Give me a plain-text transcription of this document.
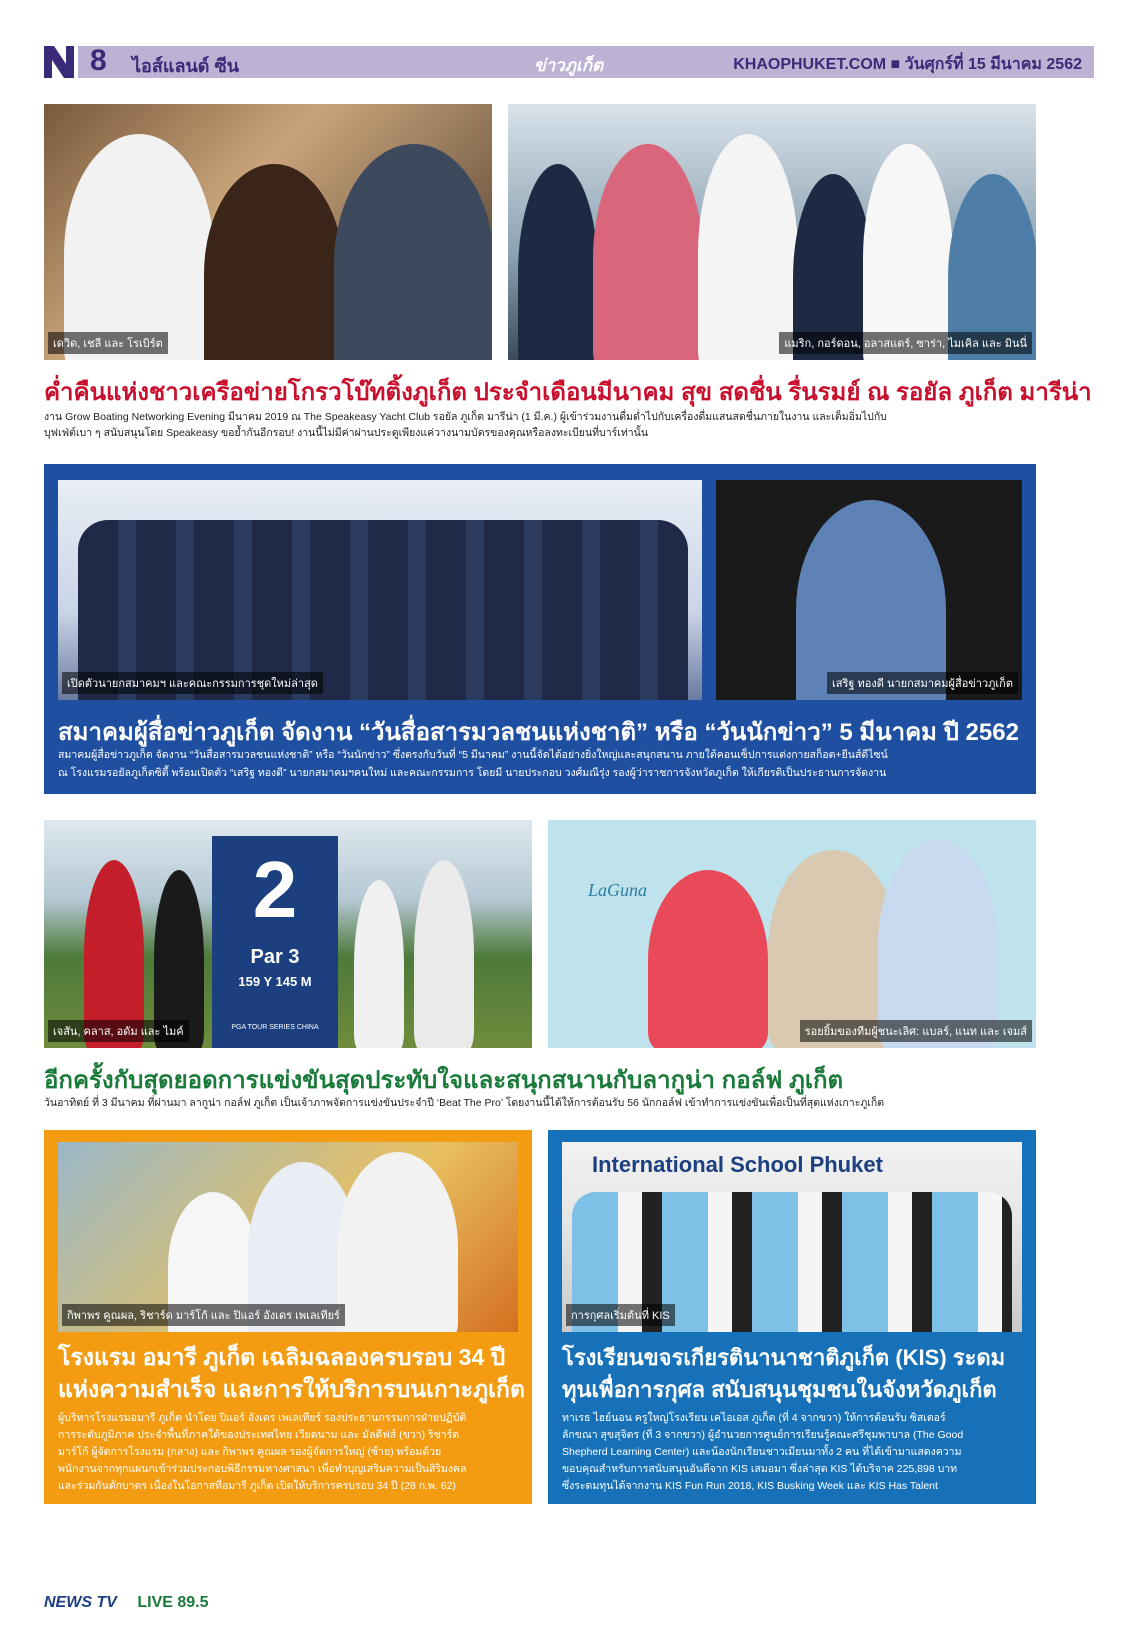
8 ไอส์แลนด์ ซีน	ข่าวภูเก็ต	KHAOPHUKET.COM ■ วันศุกร์ที่ 15 มีนาคม 2562
เดวิด, เชลี และ โรเบิร์ต	แมริก, กอร์ดอน, อลาสแดร์, ซาร่า, ไมเคิล และ มินนี่
ค่ำคืนแห่งชาวเครือข่ายโกรวโบ๊ทติ้งภูเก็ต ประจำเดือนมีนาคม สุข สดชื่น รื่นรมย์ ณ รอยัล ภูเก็ต มารีน่า
งาน Grow Boating Networking Evening มีนาคม 2019 ณ The Speakeasy Yacht Club รอยัล ภูเก็ต มารีน่า (1 มี.ค.) ผู้เข้าร่วมงานดื่มด่ำไปกับเครื่องดื่มแสนสดชื่นภายในงาน และเต็มอิ่มไปกับ
บุฟเฟ่ต์เบา ๆ สนับสนุนโดย Speakeasy ขอย้ำกันอีกรอบ! งานนี้ไม่มีค่าผ่านประตูเพียงแค่วางนามบัตรของคุณหรือลงทะเบียนที่บาร์เท่านั้น
เปิดตัวนายกสมาคมฯ และคณะกรรมการชุดใหม่ล่าสุด	เสริฐ ทองดี นายกสมาคมผู้สื่อข่าวภูเก็ต
สมาคมผู้สื่อข่าวภูเก็ต จัดงาน “วันสื่อสารมวลชนแห่งชาติ” หรือ “วันนักข่าว” 5 มีนาคม ปี 2562
สมาคมผู้สื่อข่าวภูเก็ต จัดงาน “วันสื่อสารมวลชนแห่งชาติ” หรือ “วันนักข่าว” ซึ่งตรงกับวันที่ “5 มีนาคม” งานนี้จัดได้อย่างยิ่งใหญ่และสนุกสนาน ภายใต้คอนเซ็ปการแต่งกายสก็อต+ยีนส์ดีไซน์
ณ โรงแรมรอยัลภูเก็ตซิตี้ พร้อมเปิดตัว “เสริฐ ทองดี” นายกสมาคมฯคนใหม่ และคณะกรรมการ โดยมี นายประกอบ วงศ์มณีรุ่ง รองผู้ว่าราชการจังหวัดภูเก็ต ให้เกียรติเป็นประธานการจัดงาน
2
Par 3
159 Y 145 M
PGA TOUR SERIES CHINA
เจสัน, คลาส, อดัม และ ไมค์
LaGuna
รอยยิ้มของทีมผู้ชนะเลิศ: แบลร์, แนท และ เจมส์
อีกครั้งกับสุดยอดการแข่งขันสุดประทับใจและสนุกสนานกับลากูน่า กอล์ฟ ภูเก็ต
วันอาทิตย์ ที่ 3 มีนาคม ที่ผ่านมา ลากูน่า กอล์ฟ ภูเก็ต เป็นเจ้าภาพจัดการแข่งขันประจำปี ‘Beat The Pro’ โดยงานนี้ได้ให้การต้อนรับ 56 นักกอล์ฟ เข้าทำการแข่งขันเพื่อเป็นที่สุดแห่งเกาะภูเก็ต
กิพาพร คูณผล, ริชาร์ด มาร์โก้ และ ปิแอร์ อังเดร เพเลเทียร์
โรงแรม อมารี ภูเก็ต เฉลิมฉลองครบรอบ 34 ปี
แห่งความสำเร็จ และการให้บริการบนเกาะภูเก็ต
ผู้บริหารโรงแรมอมารี ภูเก็ต นำโดย ปิแอร์ อังเดร เพเลเทียร์ รองประธานกรรมการฝ่ายปฏิบัติ
การระดับภูมิภาค ประจำพื้นที่ภาคใต้ของประเทศไทย เวียดนาม และ มัลดีฟส์ (ขวา) ริชาร์ด
มาร์โก้ ผู้จัดการโรงแรม (กลาง) และ กิพาพร คูณผล รองผู้จัดการใหญ่ (ซ้าย) พร้อมด้วย
พนักงานจากทุกแผนกเข้าร่วมประกอบพิธีกรรมทางศาสนา เพื่อทำบุญเสริมความเป็นสิริมงคล
และร่วมกันตักบาตร เนื่องในโอกาสที่อมารี ภูเก็ต เปิดให้บริการครบรอบ 34 ปี (28 ก.พ. 62)
International School Phuket
การกุศลเริ่มต้นที่ KIS
โรงเรียนขจรเกียรตินานาชาติภูเก็ต (KIS) ระดม
ทุนเพื่อการกุศล สนับสนุนชุมชนในจังหวัดภูเก็ต
ทาเรธ ไฮย์นอน ครูใหญ่โรงเรียน เคไอเอส ภูเก็ต (ที่ 4 จากขวา) ให้การต้อนรับ ซิสเตอร์
ลักขณา สุขสุจิตร (ที่ 3 จากขวา) ผู้อำนวยการศูนย์การเรียนรู้คณะศรีชุมพาบาล (The Good
Shepherd Learning Center) และน้องนักเรียนชาวเมียนมาทั้ง 2 คน ที่ได้เข้ามาแสดงความ
ขอบคุณสำหรับการสนับสนุนอันดีจาก KIS เสมอมา ซึ่งล่าสุด KIS ได้บริจาค 225,898 บาท
ซึ่งระดมทุนได้จากงาน KIS Fun Run 2018, KIS Busking Week และ KIS Has Talent
NEWS TV LIVE 89.5
